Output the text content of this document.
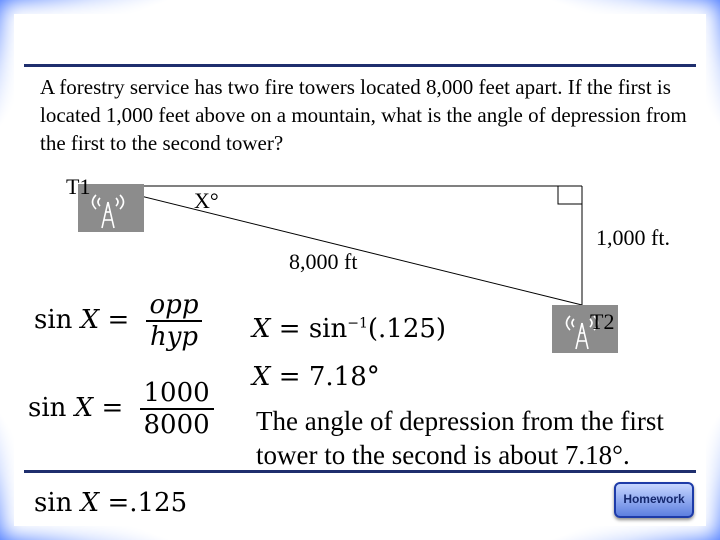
A forestry service has two fire towers located 8,000 feet apart. If the first is located 1,000 feet above on a mountain, what is the angle of depression from the first to the second tower?
T1
X°
8,000 ft
1,000 ft.
T2
$\sin X = \frac{\text{opp}}{\text{hyp}}$
$\sin X = \frac{1000}{8000}$
sin X =.125
$X = \sin^{-1}(.125)$
X = 7.18°
The angle of depression from the first tower to the second is about 7.18°.
Homework
